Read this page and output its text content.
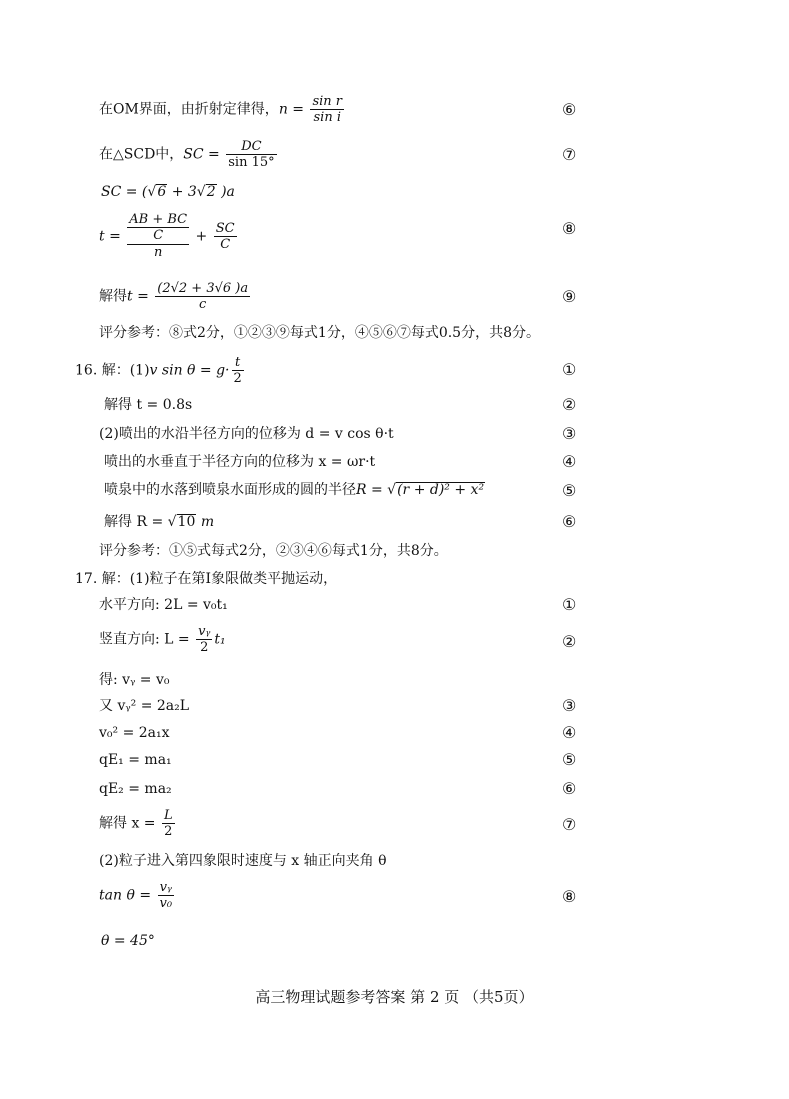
在OM界面，由折射定律得，$n = \frac{\text{sin r}}{\text{sin i}}$	⑥
在△SCD中，SC = $\frac{DC}{\sin 15^\circ}$	⑦
SC = (√6 + 3√2 )a
t =
AB + BC
C
n
+ $\frac{SC}{C}$	⑧
解得$t = \frac{(2√2 + 3√6 )a}{c}$	⑨
评分参考：⑧式2分，①②③⑨每式1分，④⑤⑥⑦每式0.5分，共8分。
16. 解：(1)v $\sin \theta = g\cdot \frac{t}{2}$	①
解得 t = 0.8s	②
(2)喷出的水沿半径方向的位移为 d = v cos θ·t	③
喷出的水垂直于半径方向的位移为 x = ωr·t	④
喷泉中的水落到喷泉水面形成的圆的半径R = √(r + d)² + x²	⑤
解得 R = √10 m	⑥
评分参考：①⑤式每式2分，②③④⑥每式1分，共8分。
17. 解：(1)粒子在第Ⅰ象限做类平抛运动，
水平方向: 2L = v₀t₁	①
竖直方向: $L = \frac{\text{vᵧ}}{2} t_1$	②
得: vᵧ = v₀
又 vᵧ² = 2a₂L	③
v₀² = 2a₁x	④
qE₁ = ma₁	⑤
qE₂ = ma₂	⑥
解得 $x = \frac{L}{2}$	⑦
(2)粒子进入第四象限时速度与 x 轴正向夹角 θ
$\tan \theta = \frac{\text{vᵧ}}{\text{v₀}}$	⑧
θ = 45°
高三物理试题参考答案 第 2 页 （共5页）
